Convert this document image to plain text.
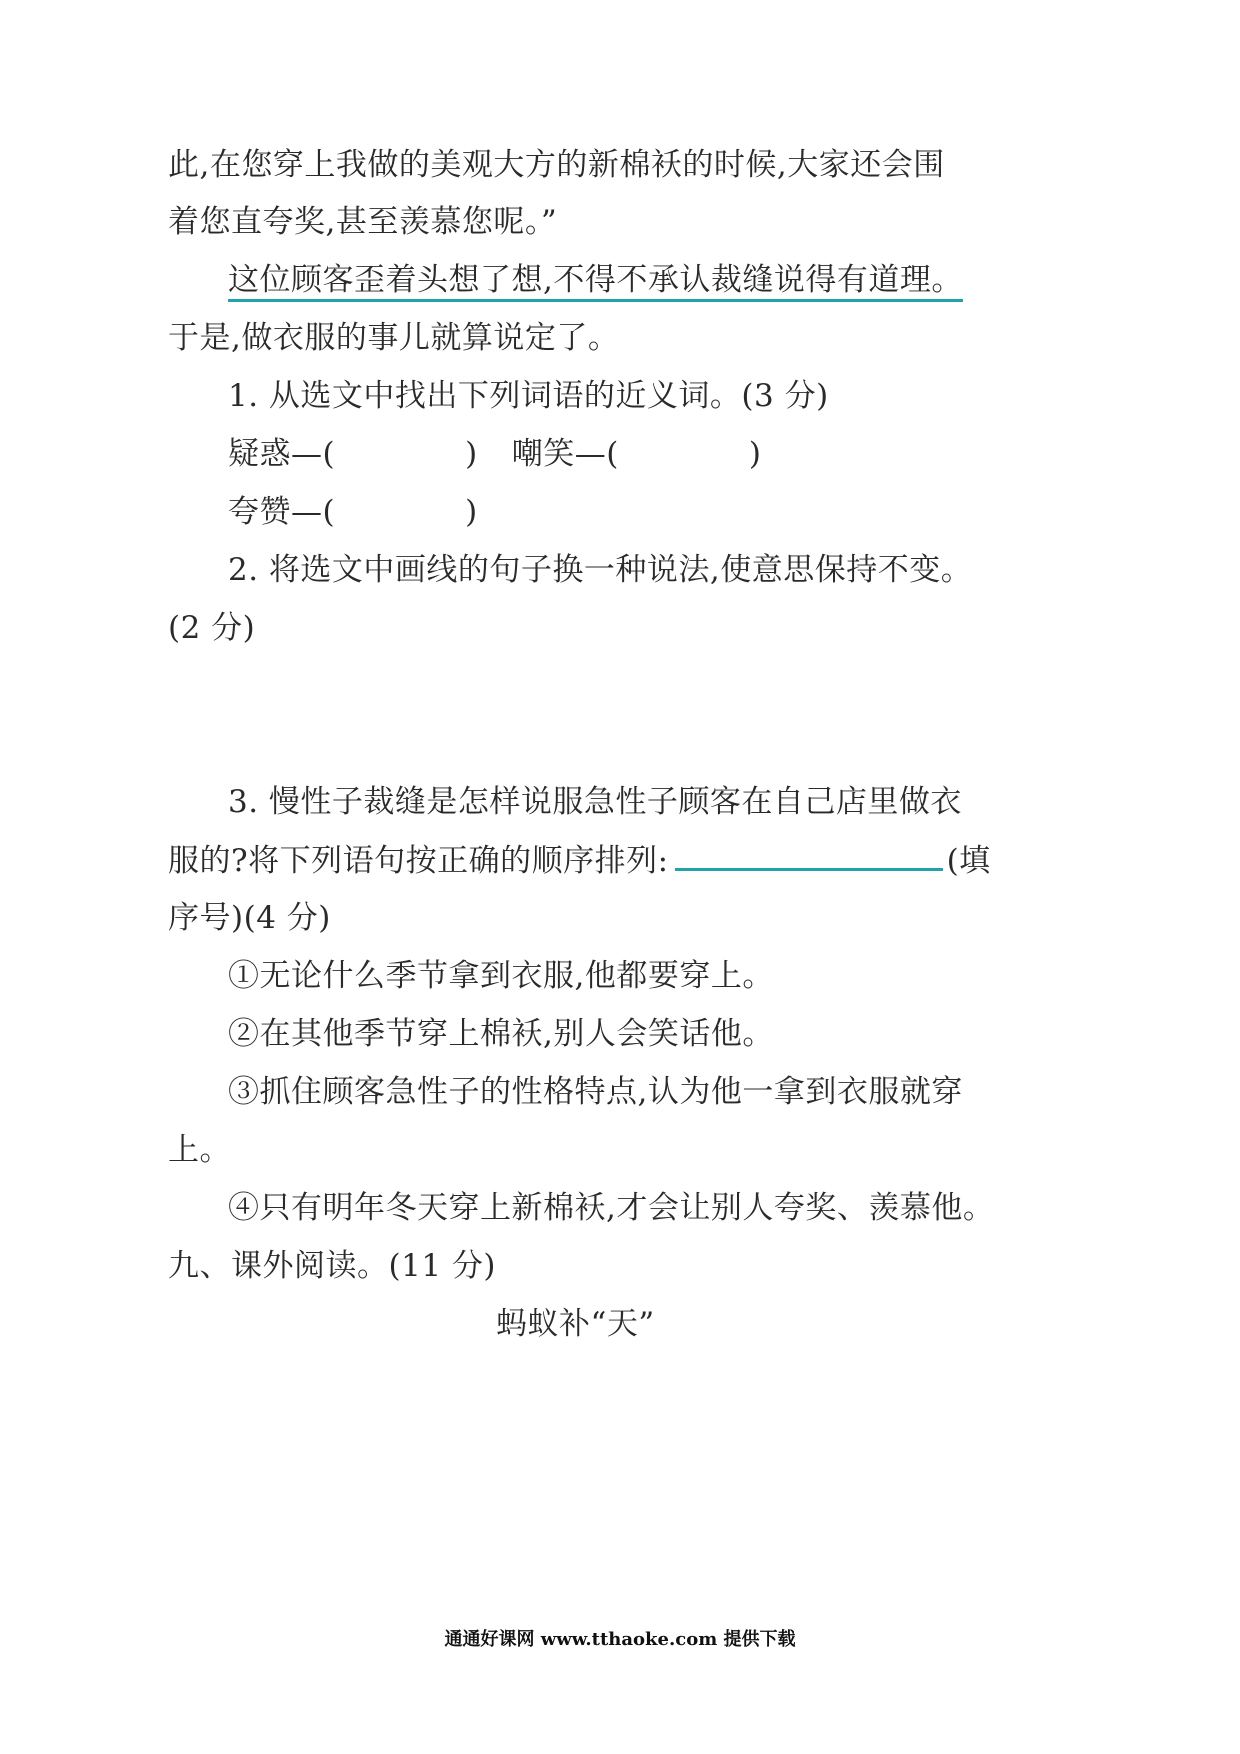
此,在您穿上我做的美观大方的新棉袄的时候,大家还会围
着您直夸奖,甚至羡慕您呢。”
这位顾客歪着头想了想,不得不承认裁缝说得有道理。
于是,做衣服的事儿就算说定了。
1. 从选文中找出下列词语的近义词。(3 分)
疑惑—(	) 嘲笑—(	)
夸赞—(	)
2. 将选文中画线的句子换一种说法,使意思保持不变。
(2 分)
3. 慢性子裁缝是怎样说服急性子顾客在自己店里做衣
服的?将下列语句按正确的顺序排列:	(填
序号)(4 分)
①无论什么季节拿到衣服,他都要穿上。
②在其他季节穿上棉袄,别人会笑话他。
③抓住顾客急性子的性格特点,认为他一拿到衣服就穿
上。
④只有明年冬天穿上新棉袄,才会让别人夸奖、羡慕他。
九、课外阅读。(11 分)
蚂蚁补“天”
通通好课网 www.tthaoke.com 提供下载
